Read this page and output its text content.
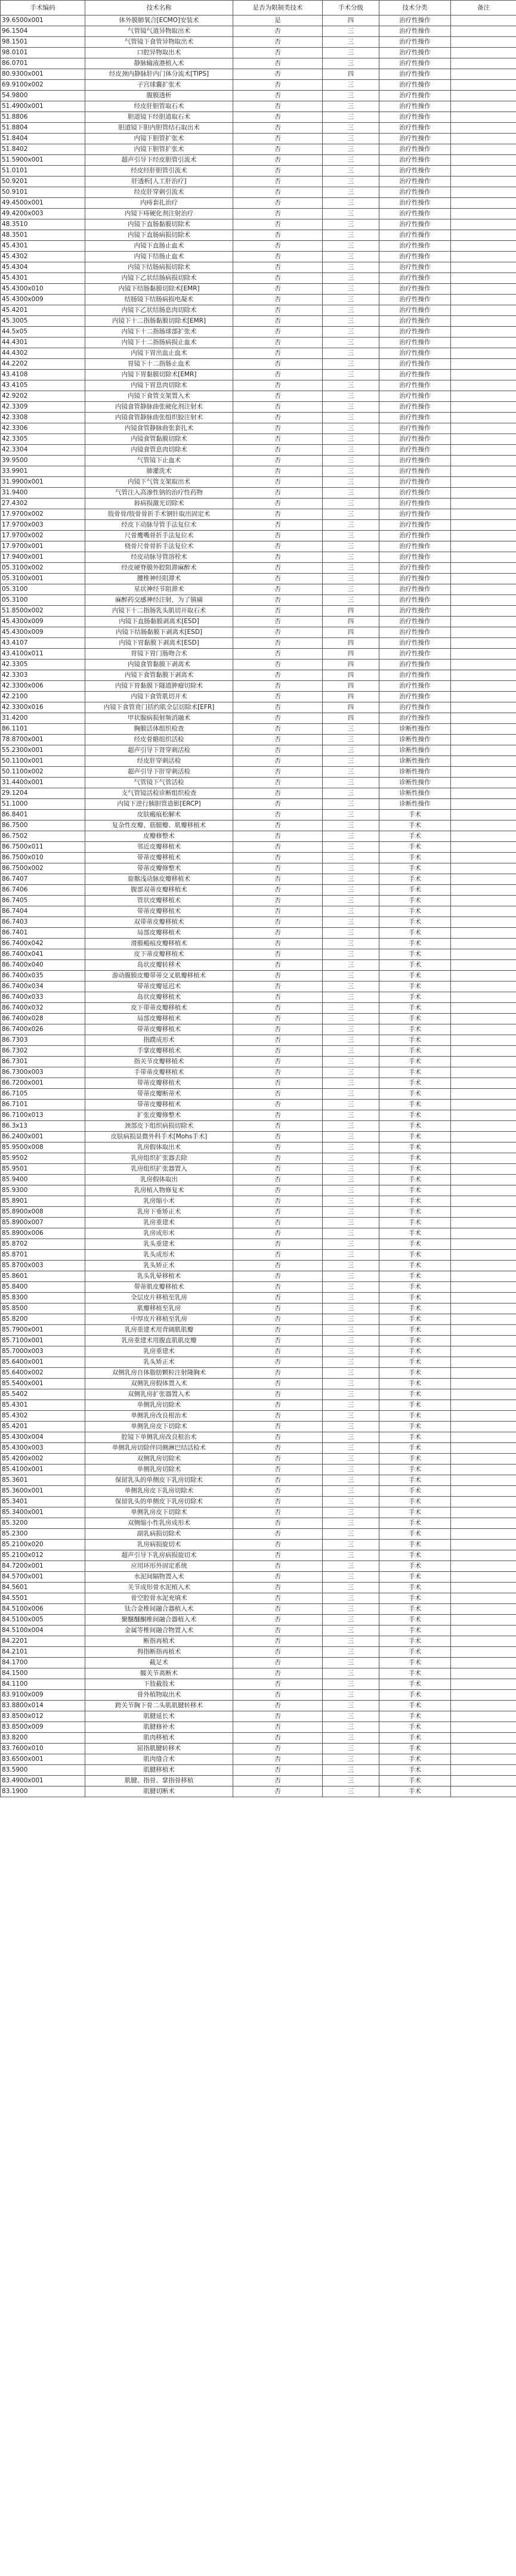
手术编码	技术名称	是否为限制类技术	手术分级	技术分类	备注
39.6500x001	体外膜肺氧合[ECMO]安装术	是	四	治疗性操作	
96.1504	气管镜气道异物取出术	否	三	治疗性操作	
98.1501	气管镜下食管异物取出术	否	三	治疗性操作	
98.0101	口腔异物取出术	否	三	治疗性操作	
86.0701	静脉输液港植入术	否	三	治疗性操作	
80.9300x001	经皮颈内静脉肝内门体分流术[TIPS]	否	四	治疗性操作	
69.9100x002	子宫球囊扩张术	否	三	治疗性操作	
54.9800	腹膜透析	否	三	治疗性操作	
51.4900x001	经皮肝胆管取石术	否	三	治疗性操作	
51.8806	胆道镜下经胆道取石术	否	三	治疗性操作	
51.8804	胆道镜下胆内胆管结石取出术	否	三	治疗性操作	
51.8404	内镜下胆管扩张术	否	三	治疗性操作	
51.8402	内镜下胆管扩张术	否	三	治疗性操作	
51.5900x001	超声引导下经皮胆管引流术	否	三	治疗性操作	
51.0101	经皮经肝胆管引流术	否	三	治疗性操作	
50.9201	肝透析[人工肝治疗]	否	三	治疗性操作	
50.9101	经皮肝穿刺引流术	否	三	治疗性操作	
49.4500x001	内痔套扎治疗	否	三	治疗性操作	
49.4200x003	内镜下痔硬化剂注射治疗	否	三	治疗性操作	
48.3510	内镜下直肠黏膜切除术	否	三	治疗性操作	
48.3501	内镜下直肠病损切除术	否	三	治疗性操作	
45.4301	内镜下直肠止血术	否	三	治疗性操作	
45.4302	内镜下结肠止血术	否	三	治疗性操作	
45.4304	内镜下结肠病损切除术	否	三	治疗性操作	
45.4301	内镜下乙状结肠病损切除术	否	三	治疗性操作	
45.4300x010	内镜下结肠黏膜切除术[EMR]	否	三	治疗性操作	
45.4300x009	结肠镜下结肠病损电凝术	否	三	治疗性操作	
45.4201	内镜下乙状结肠息肉切除术	否	三	治疗性操作	
45.3005	内镜下十二指肠黏膜切除术[EMR]	否	三	治疗性操作	
44.5x05	内镜下十二指肠球部扩张术	否	三	治疗性操作	
44.4301	内镜下十二指肠病损止血术	否	三	治疗性操作	
44.4302	内镜下胃出血止血术	否	三	治疗性操作	
44.2202	胃镜下十二指肠止血术	否	三	治疗性操作	
43.4108	内镜下胃黏膜切除术[EMR]	否	三	治疗性操作	
43.4105	内镜下胃息肉切除术	否	三	治疗性操作	
42.9202	内镜下食管支架置入术	否	三	治疗性操作	
42.3309	内镜食管静脉曲张硬化剂注射术	否	三	治疗性操作	
42.3308	内镜食管静脉曲张组织胶注射术	否	三	治疗性操作	
42.3306	内镜食管静脉曲张套扎术	否	三	治疗性操作	
42.3305	内镜食管黏膜切除术	否	三	治疗性操作	
42.3304	内镜食管息肉切除术	否	三	治疗性操作	
39.9500	气管镜下止血术	否	三	治疗性操作	
33.9901	肺灌洗术	否	三	治疗性操作	
31.9900x001	内镜下气管支架取出术	否	三	治疗性操作	
31.9400	气管注入高渗性钠的治疗性药物	否	三	治疗性操作	
27.4302	唇病损激光切除术	否	三	治疗性操作	
17.9700x002	肢骨骨/肢骨骨折手术钢针取出固定术	否	三	治疗性操作	
17.9700x003	经皮下动脉导管手法复位术	否	三	治疗性操作	
17.9700x002	尺骨鹰嘴骨折手法复位术	否	三	治疗性操作	
17.9700x001	桡骨尺骨骨折手法复位术	否	三	治疗性操作	
17.9400x001	经皮动脉导管溶栓术	否	三	治疗性操作	
05.3100x002	经皮硬脊膜外腔阻滞麻醉术	否	三	治疗性操作	
05.3100x001	腰椎神经阻滞术	否	三	治疗性操作	
05.3100	星状神经节阻滞术	否	三	治疗性操作	
05.3100	麻醉药交感神经注射，为了镇痛	否	三	治疗性操作	
51.8500x002	内镜下十二指肠乳头肌切开取石术	否	四	治疗性操作	
45.4300x009	内镜下直肠黏膜剥离术[ESD]	否	四	治疗性操作	
45.4300x009	内镜下结肠黏膜下剥离术[ESD]	否	四	治疗性操作	
43.4107	内镜下胃黏膜下剥离术[ESD]	否	四	治疗性操作	
43.4100x011	胃镜下胃门肠吻合术	否	四	治疗性操作	
42.3305	内镜食管黏膜下剥离术	否	四	治疗性操作	
42.3303	内镜下食管黏膜下剥离术	否	四	治疗性操作	
42.3300x006	内镜下胃黏膜下隧道肿瘤切除术	否	四	治疗性操作	
42.2100	内镜下食管肌切开术	否	四	治疗性操作	
42.3300x016	内镜下食管贲门括约肌全层切除术[EFR]	否	四	治疗性操作	
31.4200	甲状腺病损射频消融术	否	四	治疗性操作	
86.1101	胸膜活体组织检查	否	三	诊断性操作	
78.8700x001	经皮骨骼组织活检	否	三	诊断性操作	
55.2300x001	超声引导下肾穿刺活检	否	三	诊断性操作	
50.1100x001	经皮肝穿刺活检	否	三	诊断性操作	
50.1100x002	超声引导下肝穿刺活检	否	三	诊断性操作	
31.4400x001	气管镜下气管活检	否	三	诊断性操作	
29.1204	支气管镜活检诊断组织检查	否	三	诊断性操作	
51.1000	内镜下逆行胰胆管造影[ERCP]	否	三	诊断性操作	
86.8401	皮肤瘢痕松解术	否	三	手术	
86.7500	复杂性皮瓣、筋膜瓣、肌瓣移植术	否	三	手术	
86.7502	皮瓣修整术	否	三	手术	
86.7500x011	邻近皮瓣移植术	否	三	手术	
86.7500x010	带蒂皮瓣移植术	否	三	手术	
86.7500x002	带蒂皮瓣修整术	否	三	手术	
86.7407	旋髂浅动脉皮瓣移植术	否	三	手术	
86.7406	腹部双蒂皮瓣移植术	否	三	手术	
86.7405	管状皮瓣移植术	否	三	手术	
86.7404	带蒂皮瓣移植术	否	三	手术	
86.7403	双带蒂皮瓣移植术	否	三	手术	
86.7401	局部皮瓣移植术	否	三	手术	
86.7400x042	滑膜瘢痕皮瓣移植术	否	三	手术	
86.7400x041	皮下蒂皮瓣移植术	否	三	手术	
86.7400x040	岛状皮瓣转移术	否	三	手术	
86.7400x035	游动腹膜皮瓣带蒂交叉肌瓣移植术	否	三	手术	
86.7400x034	带蒂皮瓣延迟术	否	三	手术	
86.7400x033	岛状皮瓣移植术	否	三	手术	
86.7400x032	皮下带蒂皮瓣移植术	否	三	手术	
86.7400x028	局部皮瓣移植术	否	三	手术	
86.7400x026	带蒂皮瓣移植术	否	三	手术	
86.7303	指蹼成形术	否	三	手术	
86.7302	手掌皮瓣移植术	否	三	手术	
86.7301	指关节皮瓣移植术	否	三	手术	
86.7300x003	手带蒂皮瓣移植术	否	三	手术	
86.7200x001	带蒂皮瓣移植术	否	三	手术	
86.7105	带蒂皮瓣断蒂术	否	三	手术	
86.7101	带蒂皮瓣移植术	否	三	手术	
86.7100x013	扩张皮瓣修整术	否	三	手术	
86.3x13	颈部皮下组织病损切除术	否	三	手术	
86.2400x001	皮肤病损显微外科手术[Mohs手术]	否	三	手术	
85.9500x008	乳房假体取出术	否	三	手术	
85.9502	乳房组织扩张器去除	否	三	手术	
85.9501	乳房组织扩张器置入	否	三	手术	
85.9400	乳房假体取出	否	三	手术	
85.9300	乳房植入物修复术	否	三	手术	
85.8901	乳房缩小术	否	三	手术	
85.8900x008	乳房下垂矫正术	否	三	手术	
85.8900x007	乳房重建术	否	三	手术	
85.8900x006	乳房成形术	否	三	手术	
85.8702	乳头重建术	否	三	手术	
85.8701	乳头成形术	否	三	手术	
85.8700x003	乳头矫正术	否	三	手术	
85.8601	乳头乳晕移植术	否	三	手术	
85.8400	带蒂肌皮瓣移植术	否	三	手术	
85.8300	全层皮片移植至乳房	否	三	手术	
85.8500	肌瓣移植至乳房	否	三	手术	
85.8200	中厚皮片移植至乳房	否	三	手术	
85.7900x001	乳房重建术用背阔肌肌瓣	否	三	手术	
85.7100x001	乳房重建术用腹直肌肌皮瓣	否	三	手术	
85.7000x003	乳房重建术	否	三	手术	
85.6400x001	乳头矫正术	否	三	手术	
85.6400x002	双侧乳房自体脂肪颗粒注射隆胸术	否	三	手术	
85.5400x001	双侧乳房假体置入术	否	三	手术	
85.5402	双侧乳房扩张器置入术	否	三	手术	
85.4301	单侧乳房切除术	否	三	手术	
85.4302	单侧乳房改良根治术	否	三	手术	
85.4201	单侧乳房皮下切除术	否	三	手术	
85.4300x004	腔镜下单侧乳房改良根治术	否	三	手术	
85.4300x003	单侧乳房切除伴同侧淋巴结活检术	否	三	手术	
85.4200x002	双侧乳房切除术	否	三	手术	
85.4100x001	单侧乳房切除术	否	三	手术	
85.3601	保留乳头的单侧皮下乳房切除术	否	三	手术	
85.3600x001	单侧乳房皮下乳房切除术	否	三	手术	
85.3401	保留乳头的单侧皮下乳房切除术	否	三	手术	
85.3400x001	单侧乳房皮下切除术	否	三	手术	
85.3200	双侧缩小性乳房成形术	否	三	手术	
85.2300	副乳病损切除术	否	三	手术	
85.2100x020	乳房病损旋切术	否	三	手术	
85.2100x012	超声引导下乳房病损旋切术	否	三	手术	
84.7200x001	应用环形外固定系统	否	三	手术	
84.5700x001	水泥间隔物置入术	否	三	手术	
84.5601	关节成形骨水泥植入术	否	三	手术	
84.5501	骨空腔骨水泥充填术	否	三	手术	
84.5100x006	钛合金椎间融合器植入术	否	三	手术	
84.5100x005	聚醚醚酮椎间融合器植入术	否	三	手术	
84.5100x004	金属等椎间融合物置入术	否	三	手术	
84.2201	断指再植术	否	三	手术	
84.2101	拇指断指再植术	否	三	手术	
84.1700	截足术	否	三	手术	
84.1500	髋关节离断术	否	三	手术	
84.1100	下肢截肢术	否	三	手术	
83.9100x009	骨外植物取出术	否	三	手术	
83.8800x014	跨关节胸下骨二头肌肌腱转移术	否	三	手术	
83.8500x012	肌腱延长术	否	三	手术	
83.8500x009	肌腱修补术	否	三	手术	
83.8200	肌肉移植术	否	三	手术	
83.7600x010	屈指肌腱转移术	否	三	手术	
83.6500x001	肌肉缝合术	否	三	手术	
83.5900	肌腱移植术	否	三	手术	
83.4900x001	肌腱、指骨、掌指骨移植	否	三	手术	
83.1900	肌腱切断术	否	三	手术	
